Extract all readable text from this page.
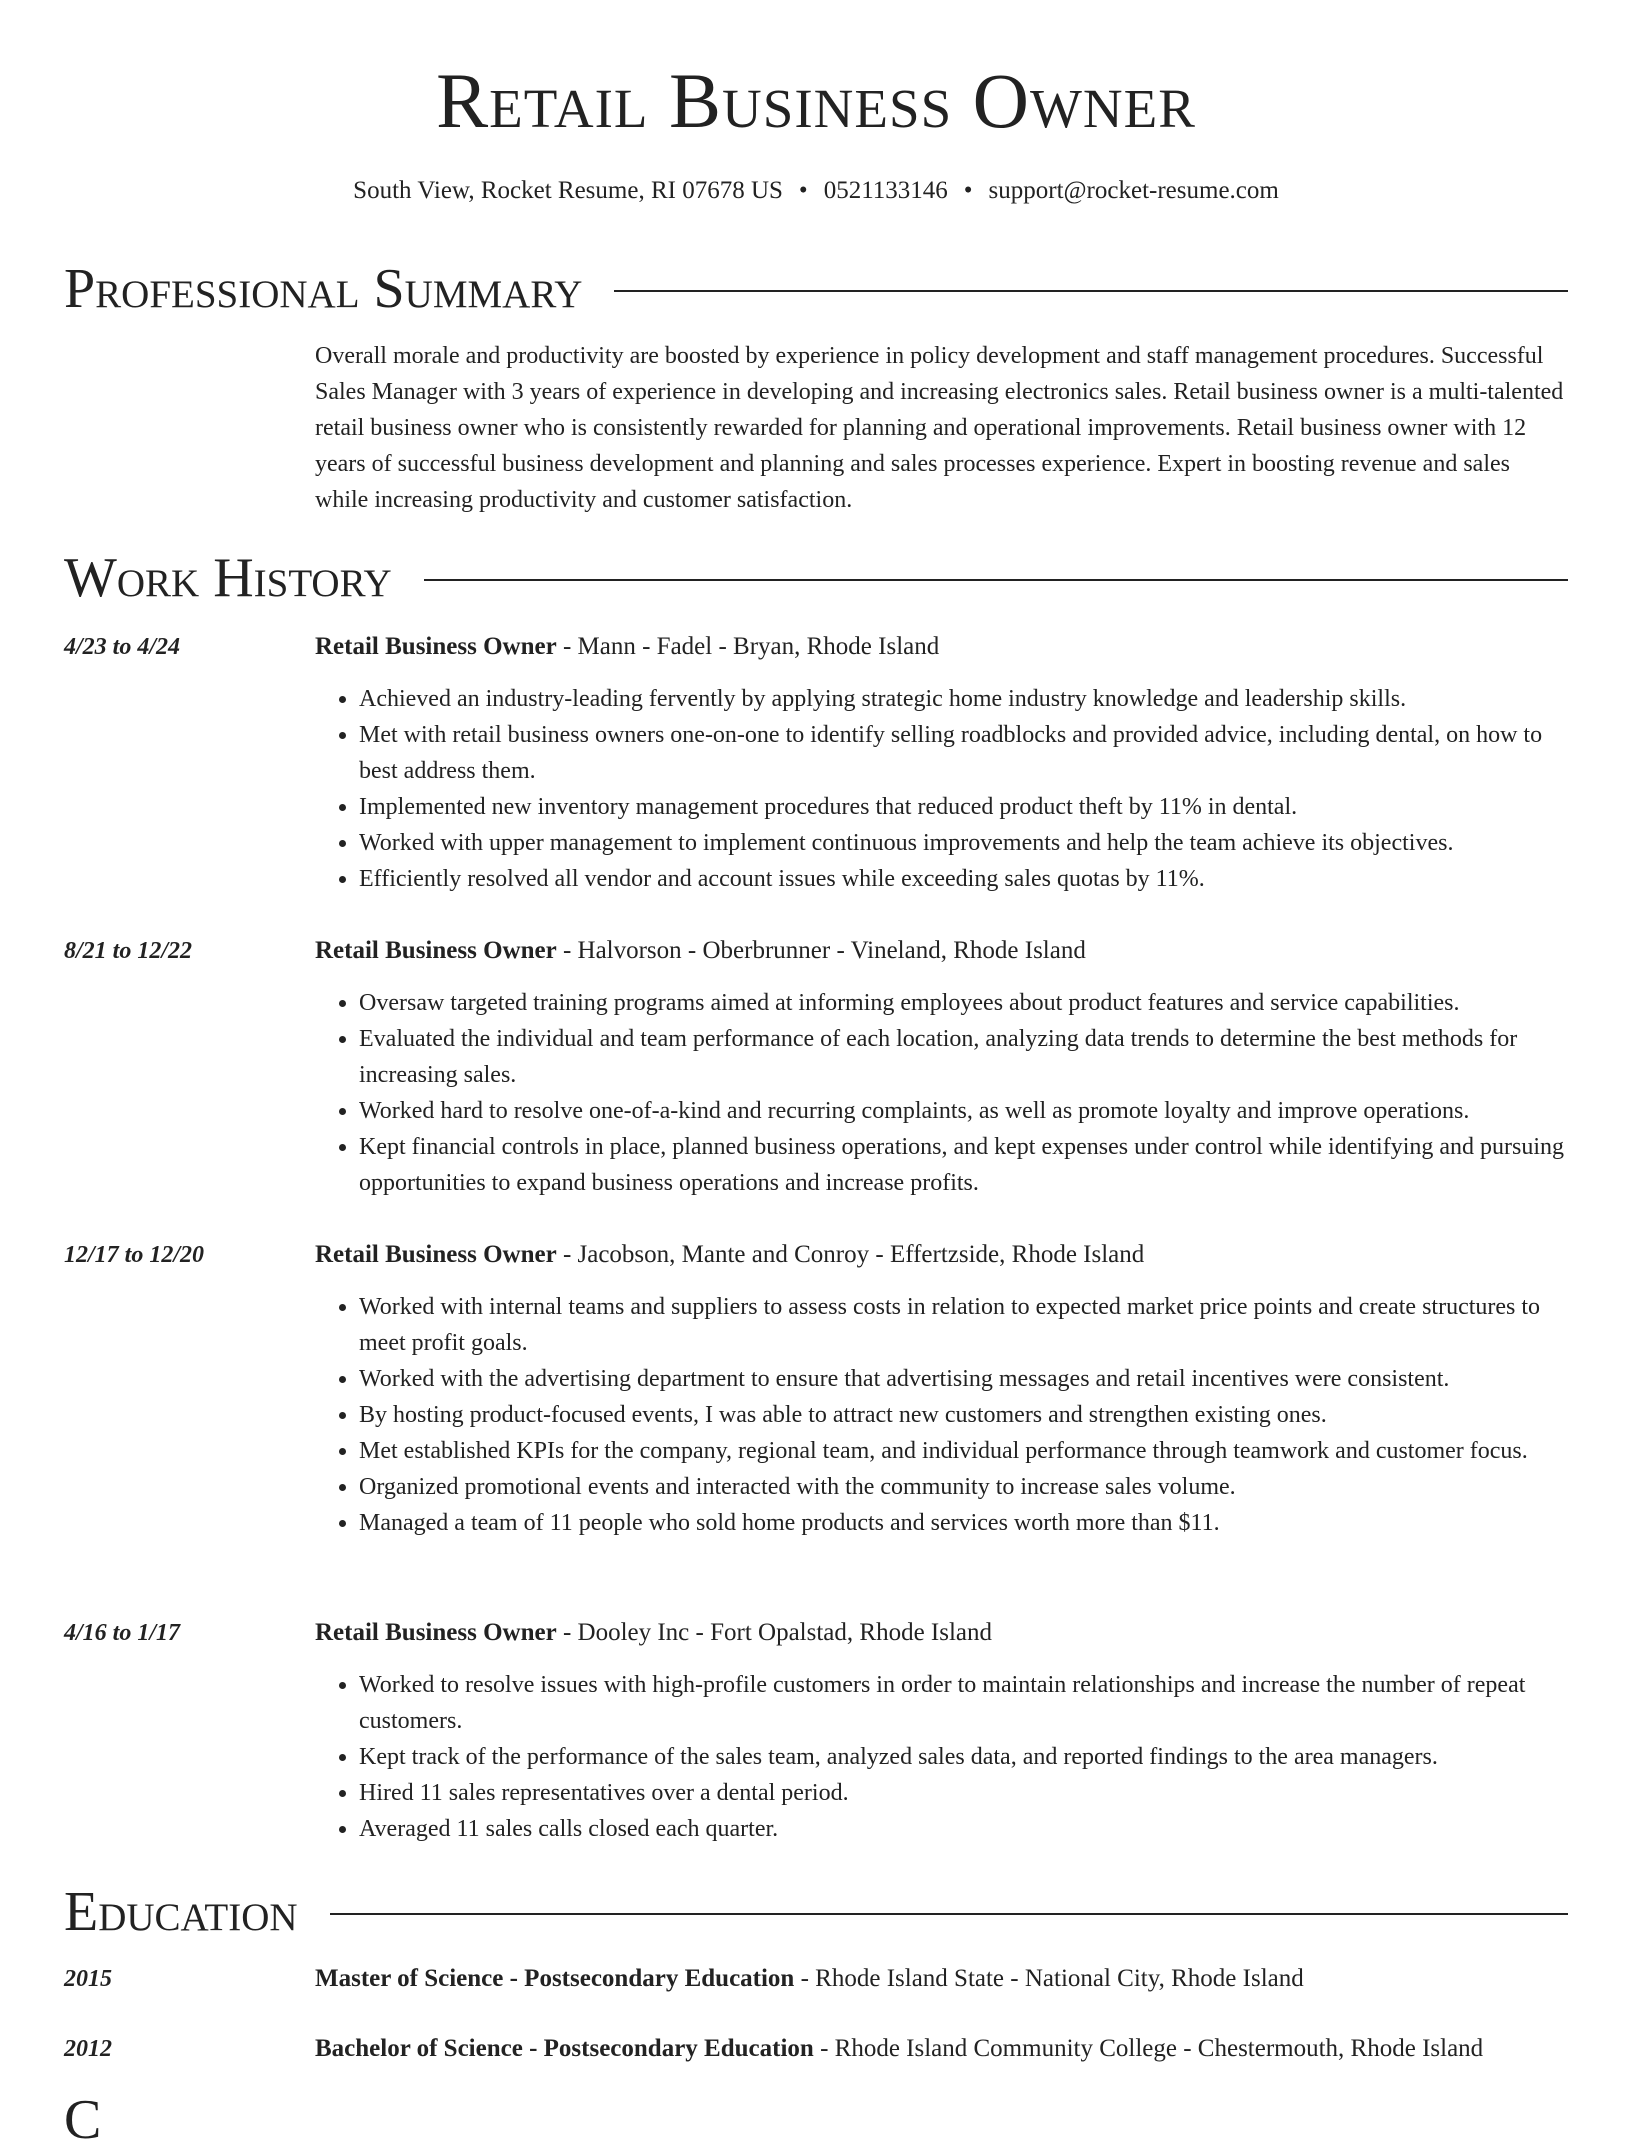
Retail Business Owner
South View, Rocket Resume, RI 07678 US • 0521133146 • support@rocket-resume.com
Professional Summary
Overall morale and productivity are boosted by experience in policy development and staff management procedures. Successful Sales Manager with 3 years of experience in developing and increasing electronics sales. Retail business owner is a multi-talented retail business owner who is consistently rewarded for planning and operational improvements. Retail business owner with 12 years of successful business development and planning and sales processes experience. Expert in boosting revenue and sales while increasing productivity and customer satisfaction.
Work History
4/23 to 4/24	Retail Business Owner - Mann - Fadel - Bryan, Rhode Island
• Achieved an industry-leading fervently by applying strategic home industry knowledge and leadership skills.
• Met with retail business owners one-on-one to identify selling roadblocks and provided advice, including dental, on how to best address them.
• Implemented new inventory management procedures that reduced product theft by 11% in dental.
• Worked with upper management to implement continuous improvements and help the team achieve its objectives.
• Efficiently resolved all vendor and account issues while exceeding sales quotas by 11%.
8/21 to 12/22	Retail Business Owner - Halvorson - Oberbrunner - Vineland, Rhode Island
• Oversaw targeted training programs aimed at informing employees about product features and service capabilities.
• Evaluated the individual and team performance of each location, analyzing data trends to determine the best methods for increasing sales.
• Worked hard to resolve one-of-a-kind and recurring complaints, as well as promote loyalty and improve operations.
• Kept financial controls in place, planned business operations, and kept expenses under control while identifying and pursuing opportunities to expand business operations and increase profits.
12/17 to 12/20	Retail Business Owner - Jacobson, Mante and Conroy - Effertzside, Rhode Island
• Worked with internal teams and suppliers to assess costs in relation to expected market price points and create structures to meet profit goals.
• Worked with the advertising department to ensure that advertising messages and retail incentives were consistent.
• By hosting product-focused events, I was able to attract new customers and strengthen existing ones.
• Met established KPIs for the company, regional team, and individual performance through teamwork and customer focus.
• Organized promotional events and interacted with the community to increase sales volume.
• Managed a team of 11 people who sold home products and services worth more than $11.
4/16 to 1/17	Retail Business Owner - Dooley Inc - Fort Opalstad, Rhode Island
• Worked to resolve issues with high-profile customers in order to maintain relationships and increase the number of repeat customers.
• Kept track of the performance of the sales team, analyzed sales data, and reported findings to the area managers.
• Hired 11 sales representatives over a dental period.
• Averaged 11 sales calls closed each quarter.
Education
2015	Master of Science - Postsecondary Education - Rhode Island State - National City, Rhode Island
2012	Bachelor of Science - Postsecondary Education - Rhode Island Community College - Chestermouth, Rhode Island
C
